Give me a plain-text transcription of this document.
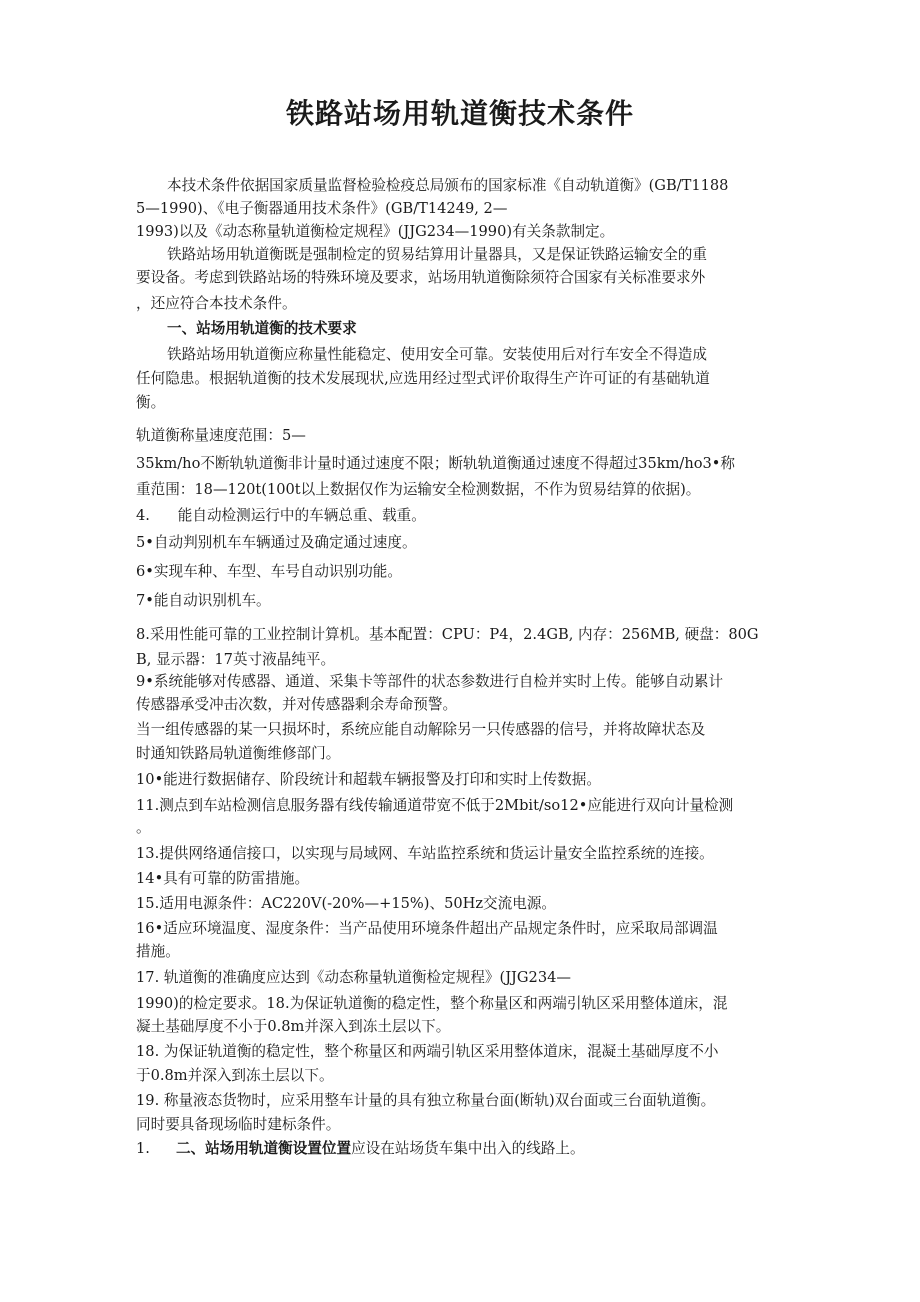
铁路站场用轨道衡技术条件
本技术条件依据国家质量监督检验检疫总局颁布的国家标准《自动轨道衡》(GB/T1188
5—1990)、《电子衡器通用技术条件》(GB/T14249, 2—
1993)以及《动态称量轨道衡检定规程》(JJG234—1990)有关条款制定。
铁路站场用轨道衡既是强制检定的贸易结算用计量器具，又是保证铁路运输安全的重
要设备。考虑到铁路站场的特殊环境及要求，站场用轨道衡除须符合国家有关标准要求外
，还应符合本技术条件。
一、站场用轨道衡的技术要求
铁路站场用轨道衡应称量性能稳定、使用安全可靠。安装使用后对行车安全不得造成
任何隐患。根据轨道衡的技术发展现状,应选用经过型式评价取得生产许可证的有基础轨道
衡。
轨道衡称量速度范围：5—
35km/ho不断轨轨道衡非计量时通过速度不限；断轨轨道衡通过速度不得超过35km/ho3•称
重范围：18—120t(100t以上数据仅作为运输安全检测数据，不作为贸易结算的依据)。
4.      能自动检测运行中的车辆总重、载重。
5•自动判别机车车辆通过及确定通过速度。
6•实现车种、车型、车号自动识别功能。
7•能自动识别机车。
8.采用性能可靠的工业控制计算机。基本配置：CPU：P4，2.4GB, 内存：256MB, 硬盘：80G
B, 显示器：17英寸液晶纯平。
9•系统能够对传感器、通道、采集卡等部件的状态参数进行自检并实时上传。能够自动累计
传感器承受冲击次数，并对传感器剩余寿命预警。
当一组传感器的某一只损坏时，系统应能自动解除另一只传感器的信号，并将故障状态及
时通知铁路局轨道衡维修部门。
10•能进行数据储存、阶段统计和超载车辆报警及打印和实时上传数据。
11.测点到车站检测信息服务器有线传输通道带宽不低于2Mbit/so12•应能进行双向计量检测
。
13.提供网络通信接口，以实现与局域网、车站监控系统和货运计量安全监控系统的连接。
14•具有可靠的防雷措施。
15.适用电源条件：AC220V(-20%—+15%)、50Hz交流电源。
16•适应环境温度、湿度条件：当产品使用环境条件超出产品规定条件时，应采取局部调温
措施。
17. 轨道衡的准确度应达到《动态称量轨道衡检定规程》(JJG234—
1990)的检定要求。18.为保证轨道衡的稳定性，整个称量区和两端引轨区采用整体道床，混
凝土基础厚度不小于0.8m并深入到冻土层以下。
18. 为保证轨道衡的稳定性，整个称量区和两端引轨区采用整体道床，混凝土基础厚度不小
于0.8m并深入到冻土层以下。
19. 称量液态货物时，应采用整车计量的具有独立称量台面(断轨)双台面或三台面轨道衡。
同时要具备现场临时建标条件。
1. 二、站场用轨道衡设置位置应设在站场货车集中出入的线路上。
